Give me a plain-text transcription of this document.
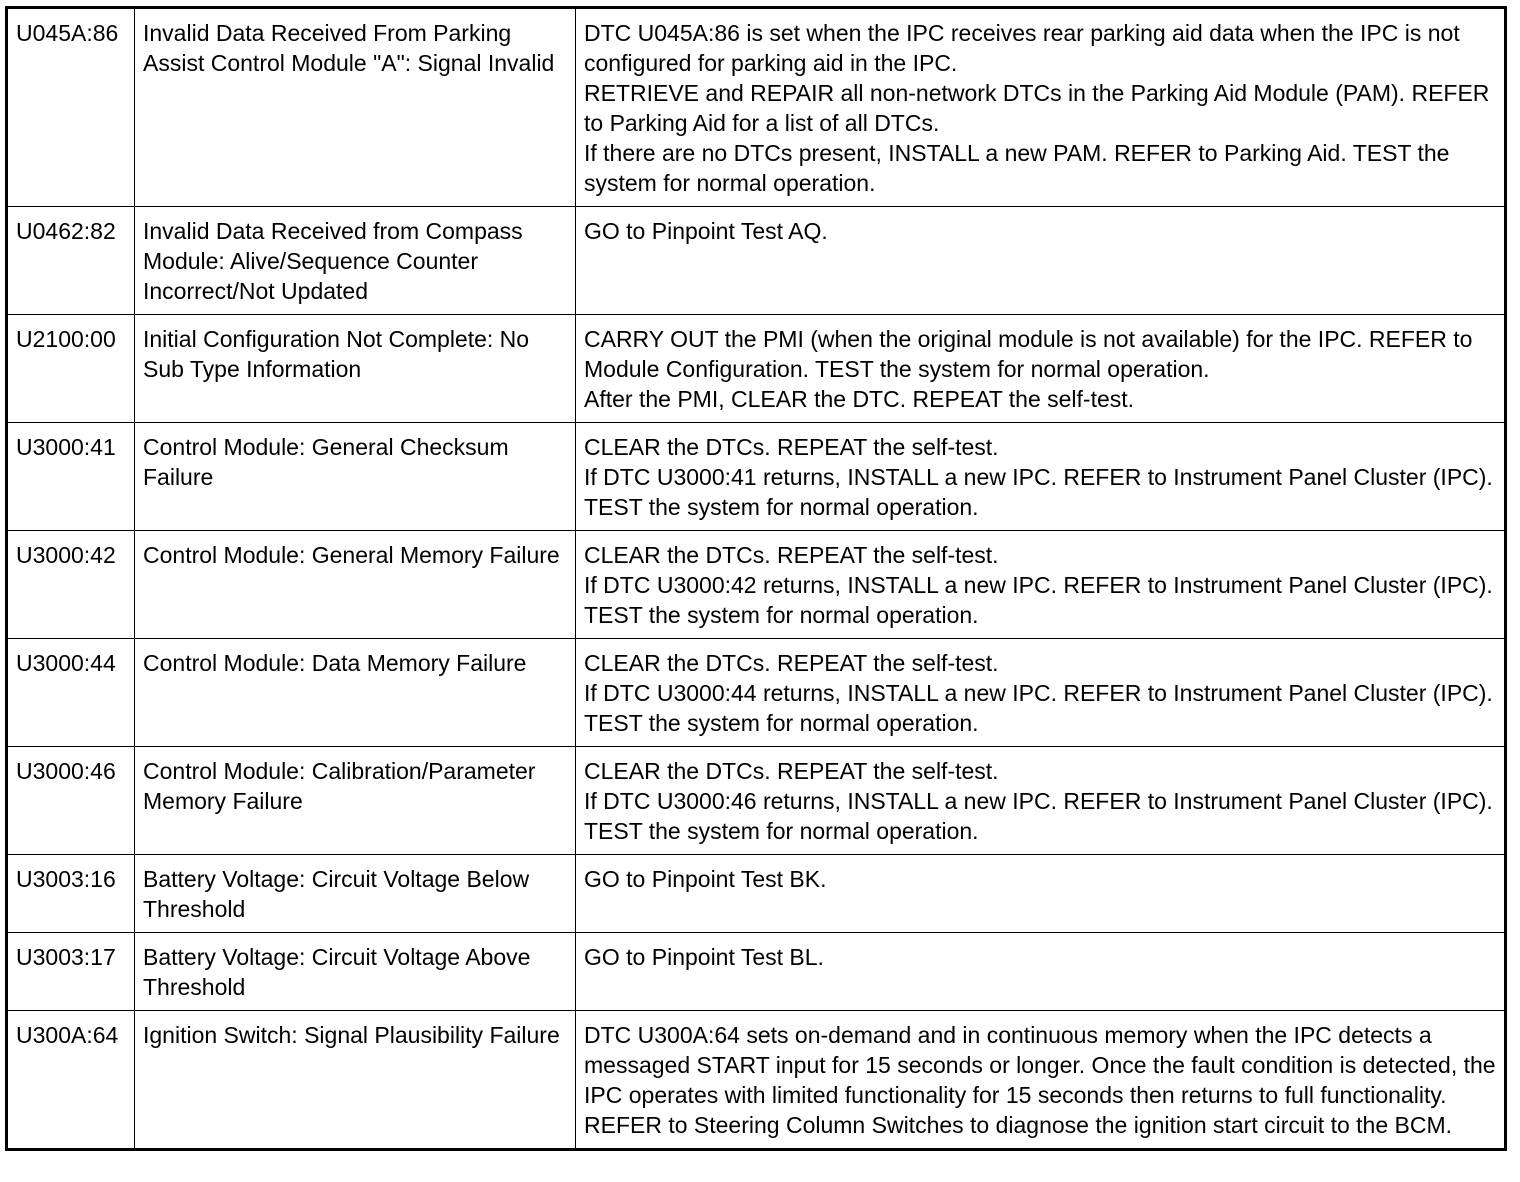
U045A:86	Invalid Data Received From Parking Assist Control Module "A": Signal Invalid	DTC U045A:86 is set when the IPC receives rear parking aid data when the IPC is not configured for parking aid in the IPC.
RETRIEVE and REPAIR all non-network DTCs in the Parking Aid Module (PAM). REFER to Parking Aid for a list of all DTCs.
If there are no DTCs present, INSTALL a new PAM. REFER to Parking Aid. TEST the system for normal operation.

U0462:82	Invalid Data Received from Compass Module: Alive/Sequence Counter Incorrect/Not Updated	GO to Pinpoint Test AQ.

U2100:00	Initial Configuration Not Complete: No Sub Type Information	CARRY OUT the PMI (when the original module is not available) for the IPC. REFER to Module Configuration. TEST the system for normal operation.
After the PMI, CLEAR the DTC. REPEAT the self-test.

U3000:41	Control Module: General Checksum Failure	CLEAR the DTCs. REPEAT the self-test.
If DTC U3000:41 returns, INSTALL a new IPC. REFER to Instrument Panel Cluster (IPC). TEST the system for normal operation.

U3000:42	Control Module: General Memory Failure	CLEAR the DTCs. REPEAT the self-test.
If DTC U3000:42 returns, INSTALL a new IPC. REFER to Instrument Panel Cluster (IPC). TEST the system for normal operation.

U3000:44	Control Module: Data Memory Failure	CLEAR the DTCs. REPEAT the self-test.
If DTC U3000:44 returns, INSTALL a new IPC. REFER to Instrument Panel Cluster (IPC). TEST the system for normal operation.

U3000:46	Control Module: Calibration/Parameter Memory Failure	CLEAR the DTCs. REPEAT the self-test.
If DTC U3000:46 returns, INSTALL a new IPC. REFER to Instrument Panel Cluster (IPC). TEST the system for normal operation.

U3003:16	Battery Voltage: Circuit Voltage Below Threshold	GO to Pinpoint Test BK.

U3003:17	Battery Voltage: Circuit Voltage Above Threshold	GO to Pinpoint Test BL.

U300A:64	Ignition Switch: Signal Plausibility Failure	DTC U300A:64 sets on-demand and in continuous memory when the IPC detects a messaged START input for 15 seconds or longer. Once the fault condition is detected, the IPC operates with limited functionality for 15 seconds then returns to full functionality. REFER to Steering Column Switches to diagnose the ignition start circuit to the BCM.
